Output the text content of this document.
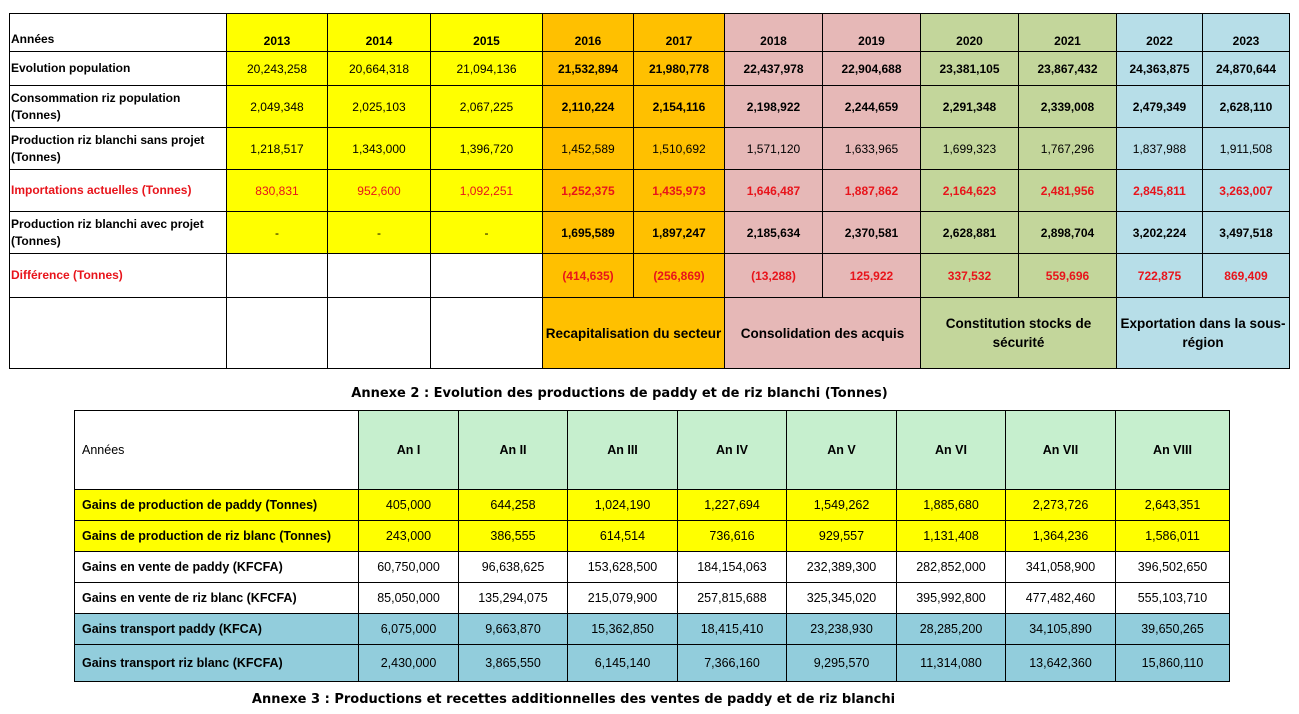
Années	2013	2014	2015	2016	2017	2018	2019	2020	2021	2022	2023
Evolution population	20,243,258	20,664,318	21,094,136	21,532,894	21,980,778	22,437,978	22,904,688	23,381,105	23,867,432	24,363,875	24,870,644
Consommation riz population (Tonnes)	2,049,348	2,025,103	2,067,225	2,110,224	2,154,116	2,198,922	2,244,659	2,291,348	2,339,008	2,479,349	2,628,110
Production riz blanchi sans projet (Tonnes)	1,218,517	1,343,000	1,396,720	1,452,589	1,510,692	1,571,120	1,633,965	1,699,323	1,767,296	1,837,988	1,911,508
Importations actuelles (Tonnes)	830,831	952,600	1,092,251	1,252,375	1,435,973	1,646,487	1,887,862	2,164,623	2,481,956	2,845,811	3,263,007
Production riz blanchi avec projet (Tonnes)	-	-	-	1,695,589	1,897,247	2,185,634	2,370,581	2,628,881	2,898,704	3,202,224	3,497,518
Différence (Tonnes)				(414,635)	(256,869)	(13,288)	125,922	337,532	559,696	722,875	869,409
				Recapitalisation du secteur		Consolidation des acquis		Constitution stocks de sécurité		Exportation dans la sous-région	
Annexe 2 : Evolution des productions de paddy et de riz blanchi (Tonnes)
Années	An I	An II	An III	An IV	An V	An VI	An VII	An VIII
Gains de production de paddy (Tonnes)	405,000	644,258	1,024,190	1,227,694	1,549,262	1,885,680	2,273,726	2,643,351
Gains de production de riz blanc (Tonnes)	243,000	386,555	614,514	736,616	929,557	1,131,408	1,364,236	1,586,011
Gains en vente de paddy (KFCFA)	60,750,000	96,638,625	153,628,500	184,154,063	232,389,300	282,852,000	341,058,900	396,502,650
Gains en vente de riz blanc (KFCFA)	85,050,000	135,294,075	215,079,900	257,815,688	325,345,020	395,992,800	477,482,460	555,103,710
Gains transport paddy (KFCA)	6,075,000	9,663,870	15,362,850	18,415,410	23,238,930	28,285,200	34,105,890	39,650,265
Gains transport riz blanc (KFCFA)	2,430,000	3,865,550	6,145,140	7,366,160	9,295,570	11,314,080	13,642,360	15,860,110
Annexe 3 : Productions et recettes additionnelles des ventes de paddy et de riz blanchi
